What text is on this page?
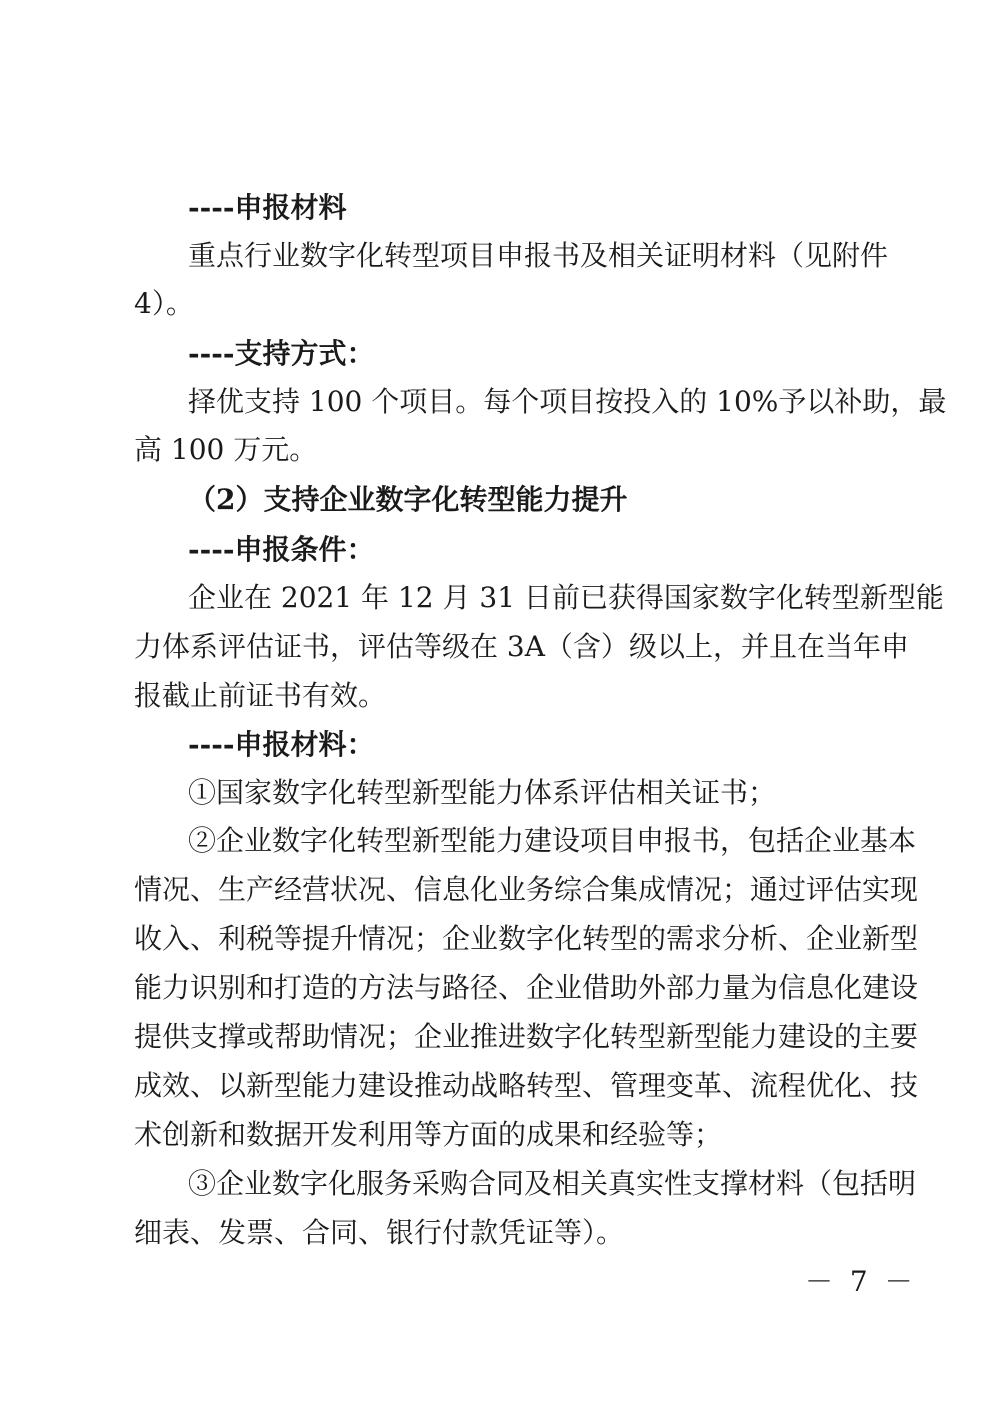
----申报材料

重点行业数字化转型项目申报书及相关证明材料（见附件

4）。

----支持方式：

择优支持 100 个项目。每个项目按投入的 10%予以补助，最

高 100 万元。

（2）支持企业数字化转型能力提升

----申报条件：

企业在 2021 年 12 月 31 日前已获得国家数字化转型新型能

力体系评估证书，评估等级在 3A（含）级以上，并且在当年申

报截止前证书有效。

----申报材料：

①国家数字化转型新型能力体系评估相关证书；

②企业数字化转型新型能力建设项目申报书，包括企业基本

情况、生产经营状况、信息化业务综合集成情况；通过评估实现

收入、利税等提升情况；企业数字化转型的需求分析、企业新型

能力识别和打造的方法与路径、企业借助外部力量为信息化建设

提供支撑或帮助情况；企业推进数字化转型新型能力建设的主要

成效、以新型能力建设推动战略转型、管理变革、流程优化、技

术创新和数据开发利用等方面的成果和经验等；

③企业数字化服务采购合同及相关真实性支撑材料（包括明

细表、发票、合同、银行付款凭证等）。

－ 7 －
